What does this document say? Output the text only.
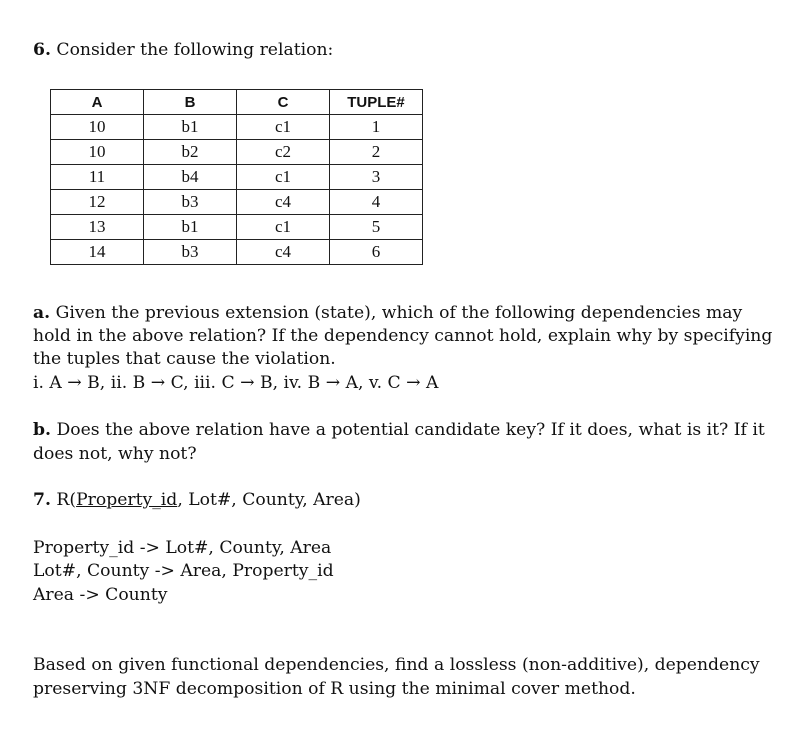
6. Consider the following relation:
A	B	C	TUPLE#
10	b1	c1	1
10	b2	c2	2
11	b4	c1	3
12	b3	c4	4
13	b1	c1	5
14	b3	c4	6
a. Given the previous extension (state), which of the following dependencies may
hold in the above relation? If the dependency cannot hold, explain why by specifying
the tuples that cause the violation.
i. A → B, ii. B → C, iii. C → B, iv. B → A, v. C → A
b. Does the above relation have a potential candidate key? If it does, what is it? If it
does not, why not?
7. R(Property_id, Lot#, County, Area)
Property_id -> Lot#, County, Area
Lot#, County -> Area, Property_id
Area -> County
Based on given functional dependencies, find a lossless (non-additive), dependency
preserving 3NF decomposition of R using the minimal cover method.
